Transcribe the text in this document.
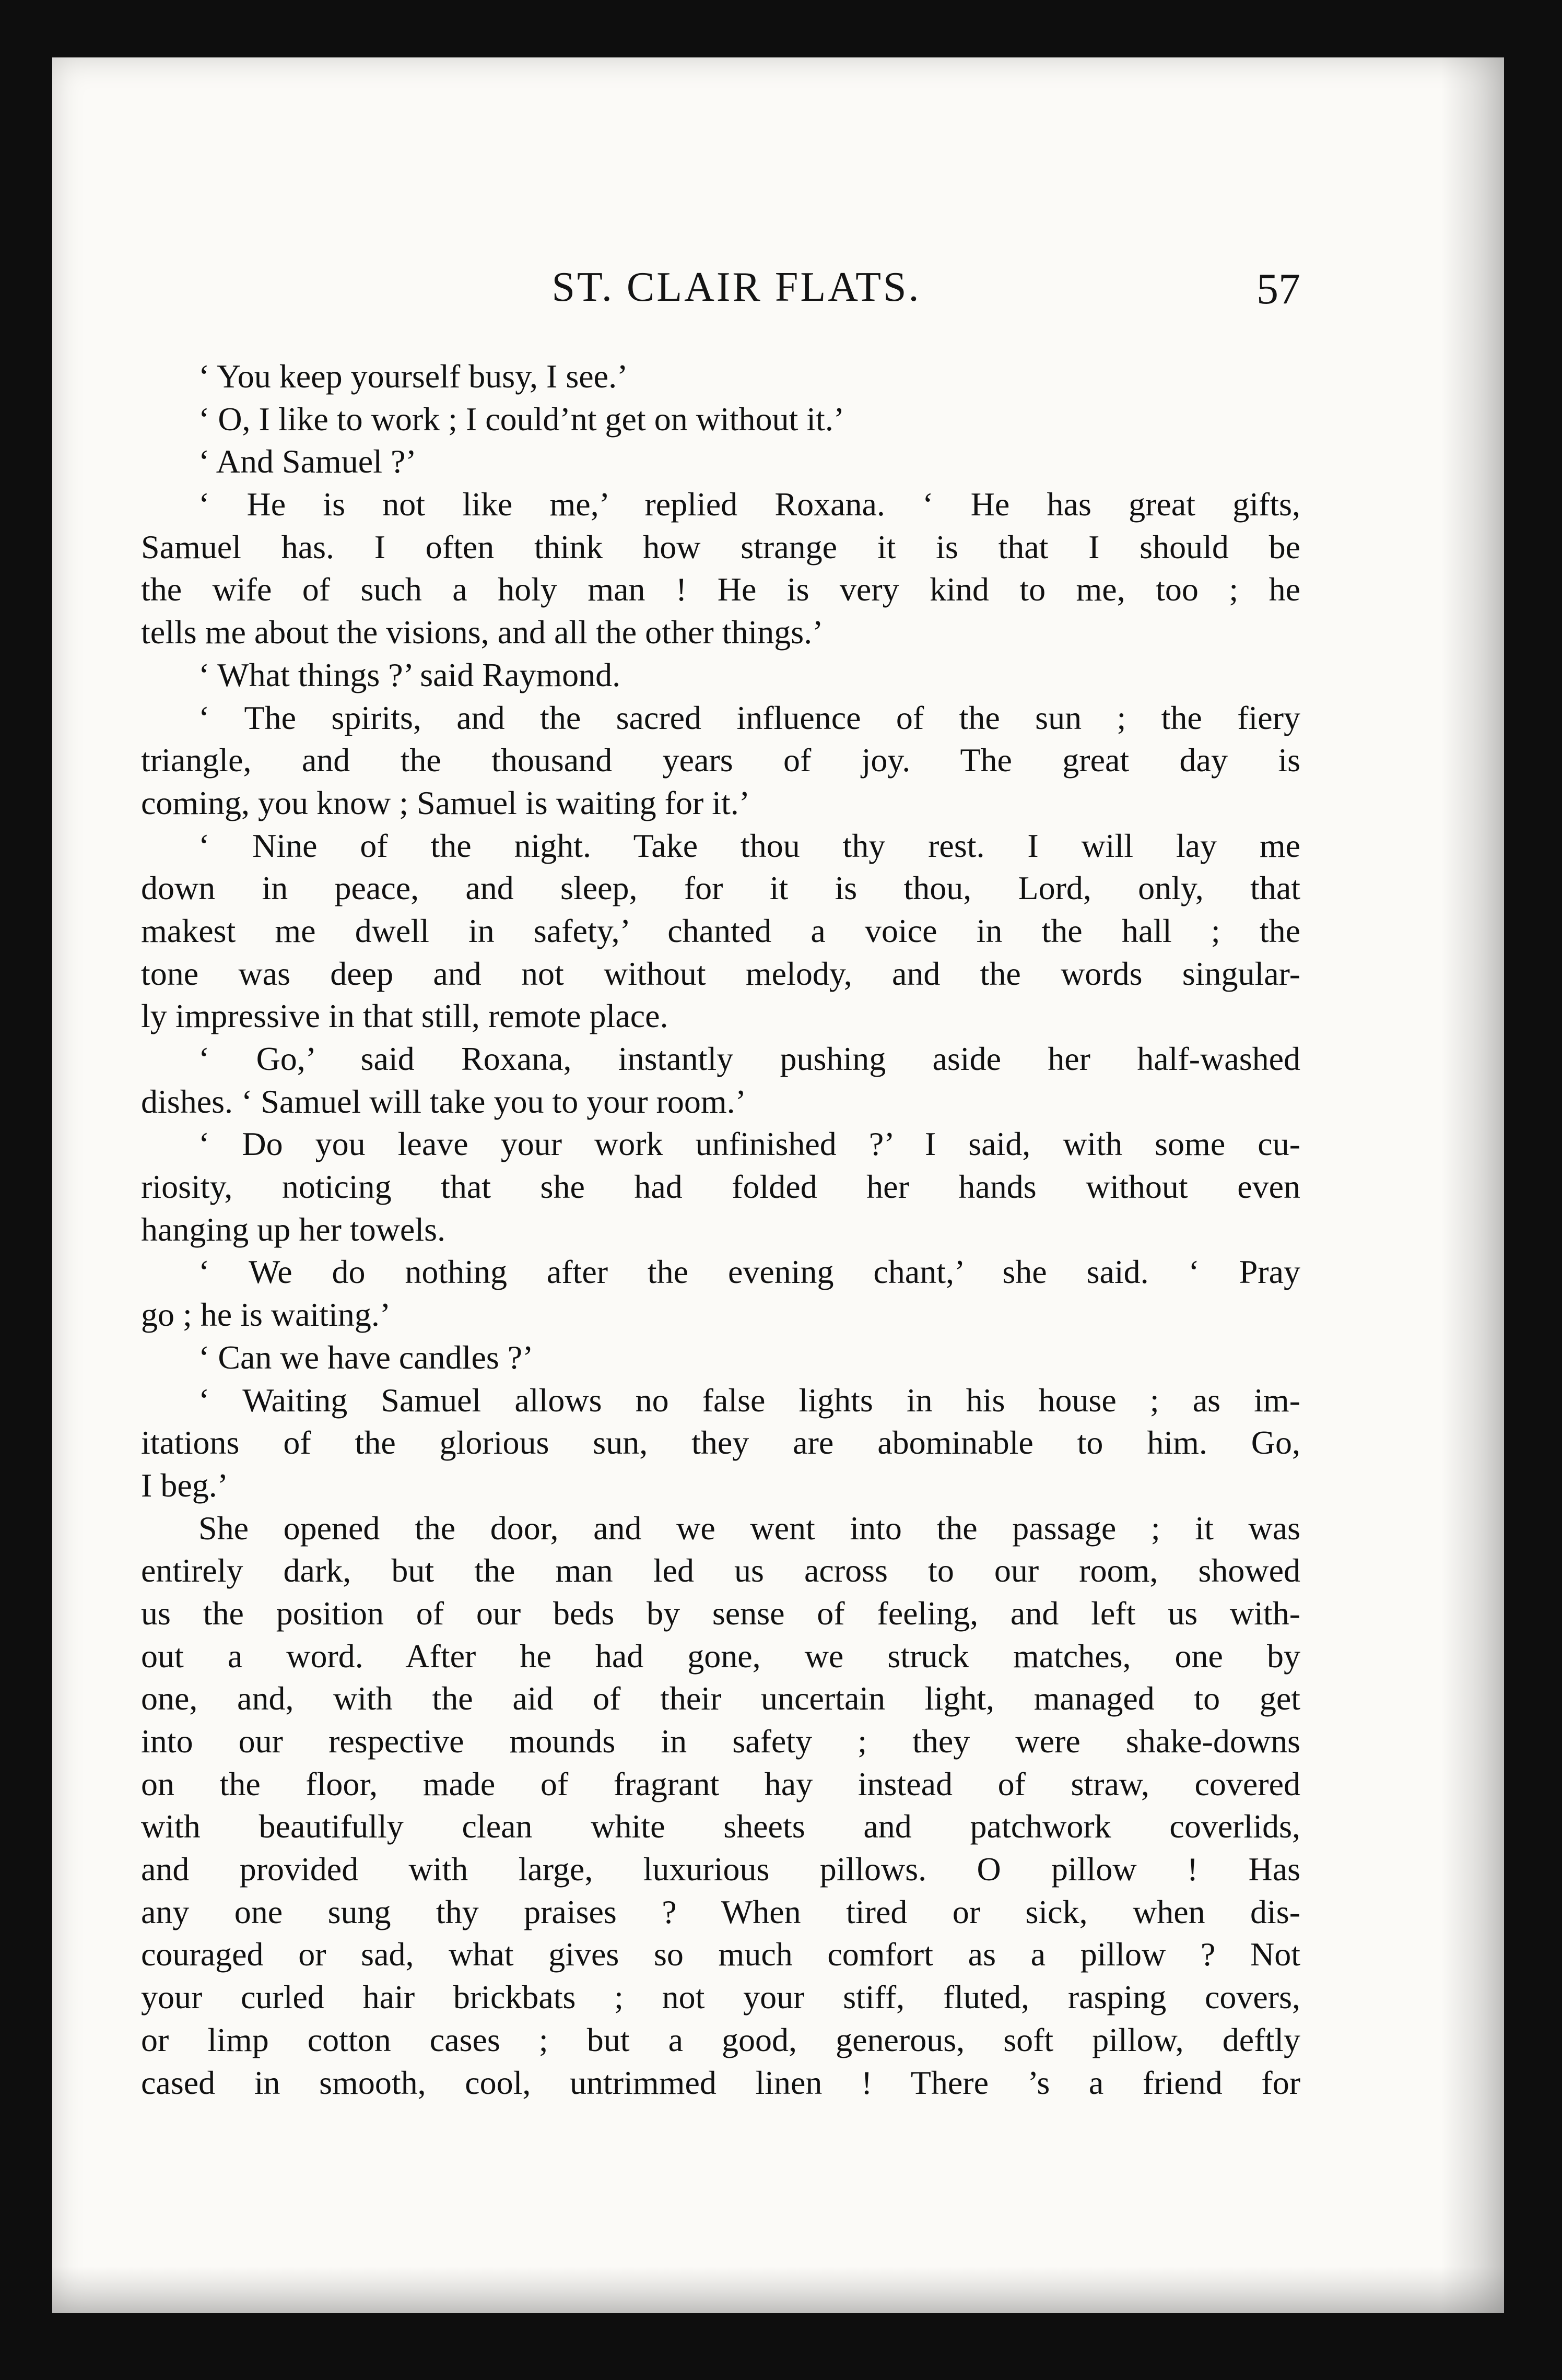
ST. CLAIR FLATS.	57
‘ You keep yourself busy, I see.’
‘ O, I like to work ; I could’nt get on without it.’
‘ And Samuel ?’
‘ He is not like me,’ replied Roxana. ‘ He has great gifts,
Samuel has. I often think how strange it is that I should be
the wife of such a holy man ! He is very kind to me, too ; he
tells me about the visions, and all the other things.’
‘ What things ?’ said Raymond.
‘ The spirits, and the sacred influence of the sun ; the fiery
triangle, and the thousand years of joy. The great day is
coming, you know ; Samuel is waiting for it.’
‘ Nine of the night. Take thou thy rest. I will lay me
down in peace, and sleep, for it is thou, Lord, only, that
makest me dwell in safety,’ chanted a voice in the hall ; the
tone was deep and not without melody, and the words singular-
ly impressive in that still, remote place.
‘ Go,’ said Roxana, instantly pushing aside her half-washed
dishes. ‘ Samuel will take you to your room.’
‘ Do you leave your work unfinished ?’ I said, with some cu-
riosity, noticing that she had folded her hands without even
hanging up her towels.
‘ We do nothing after the evening chant,’ she said. ‘ Pray
go ; he is waiting.’
‘ Can we have candles ?’
‘ Waiting Samuel allows no false lights in his house ; as im-
itations of the glorious sun, they are abominable to him. Go,
I beg.’
She opened the door, and we went into the passage ; it was
entirely dark, but the man led us across to our room, showed
us the position of our beds by sense of feeling, and left us with-
out a word. After he had gone, we struck matches, one by
one, and, with the aid of their uncertain light, managed to get
into our respective mounds in safety ; they were shake-downs
on the floor, made of fragrant hay instead of straw, covered
with beautifully clean white sheets and patchwork coverlids,
and provided with large, luxurious pillows. O pillow ! Has
any one sung thy praises ? When tired or sick, when dis-
couraged or sad, what gives so much comfort as a pillow ? Not
your curled hair brickbats ; not your stiff, fluted, rasping covers,
or limp cotton cases ; but a good, generous, soft pillow, deftly
cased in smooth, cool, untrimmed linen ! There ’s a friend for
